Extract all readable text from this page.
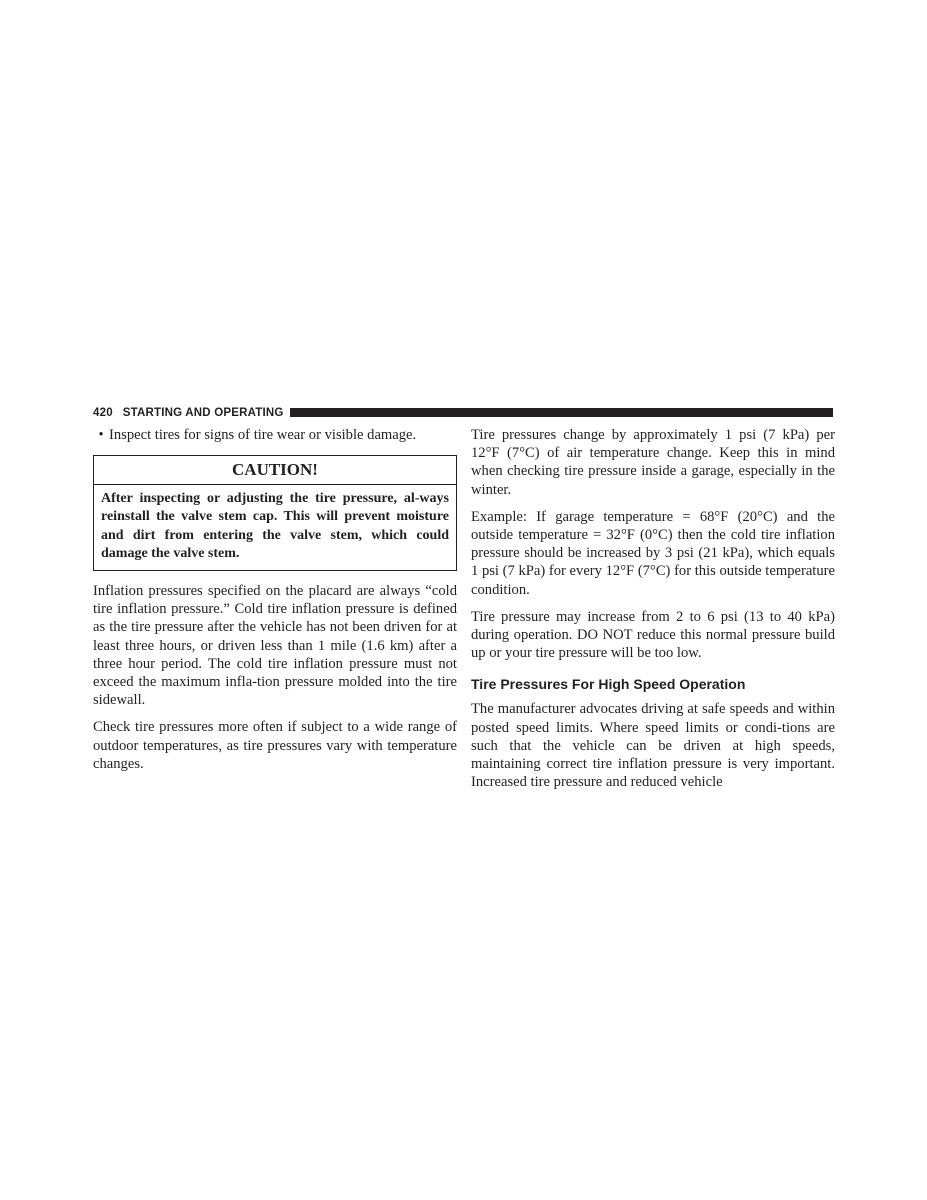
420 STARTING AND OPERATING
• Inspect tires for signs of tire wear or visible damage.
CAUTION!
After inspecting or adjusting the tire pressure, al-ways reinstall the valve stem cap. This will prevent moisture and dirt from entering the valve stem, which could damage the valve stem.

Inflation pressures specified on the placard are always “cold tire inflation pressure.” Cold tire inflation pressure is defined as the tire pressure after the vehicle has not been driven for at least three hours, or driven less than 1 mile (1.6 km) after a three hour period. The cold tire inflation pressure must not exceed the maximum infla-tion pressure molded into the tire sidewall.

Check tire pressures more often if subject to a wide range of outdoor temperatures, as tire pressures vary with temperature changes.

Tire pressures change by approximately 1 psi (7 kPa) per 12°F (7°C) of air temperature change. Keep this in mind when checking tire pressure inside a garage, especially in the winter.

Example: If garage temperature = 68°F (20°C) and the outside temperature = 32°F (0°C) then the cold tire inflation pressure should be increased by 3 psi (21 kPa), which equals 1 psi (7 kPa) for every 12°F (7°C) for this outside temperature condition.

Tire pressure may increase from 2 to 6 psi (13 to 40 kPa) during operation. DO NOT reduce this normal pressure build up or your tire pressure will be too low.

Tire Pressures For High Speed Operation

The manufacturer advocates driving at safe speeds and within posted speed limits. Where speed limits or condi-tions are such that the vehicle can be driven at high speeds, maintaining correct tire inflation pressure is very important. Increased tire pressure and reduced vehicle
